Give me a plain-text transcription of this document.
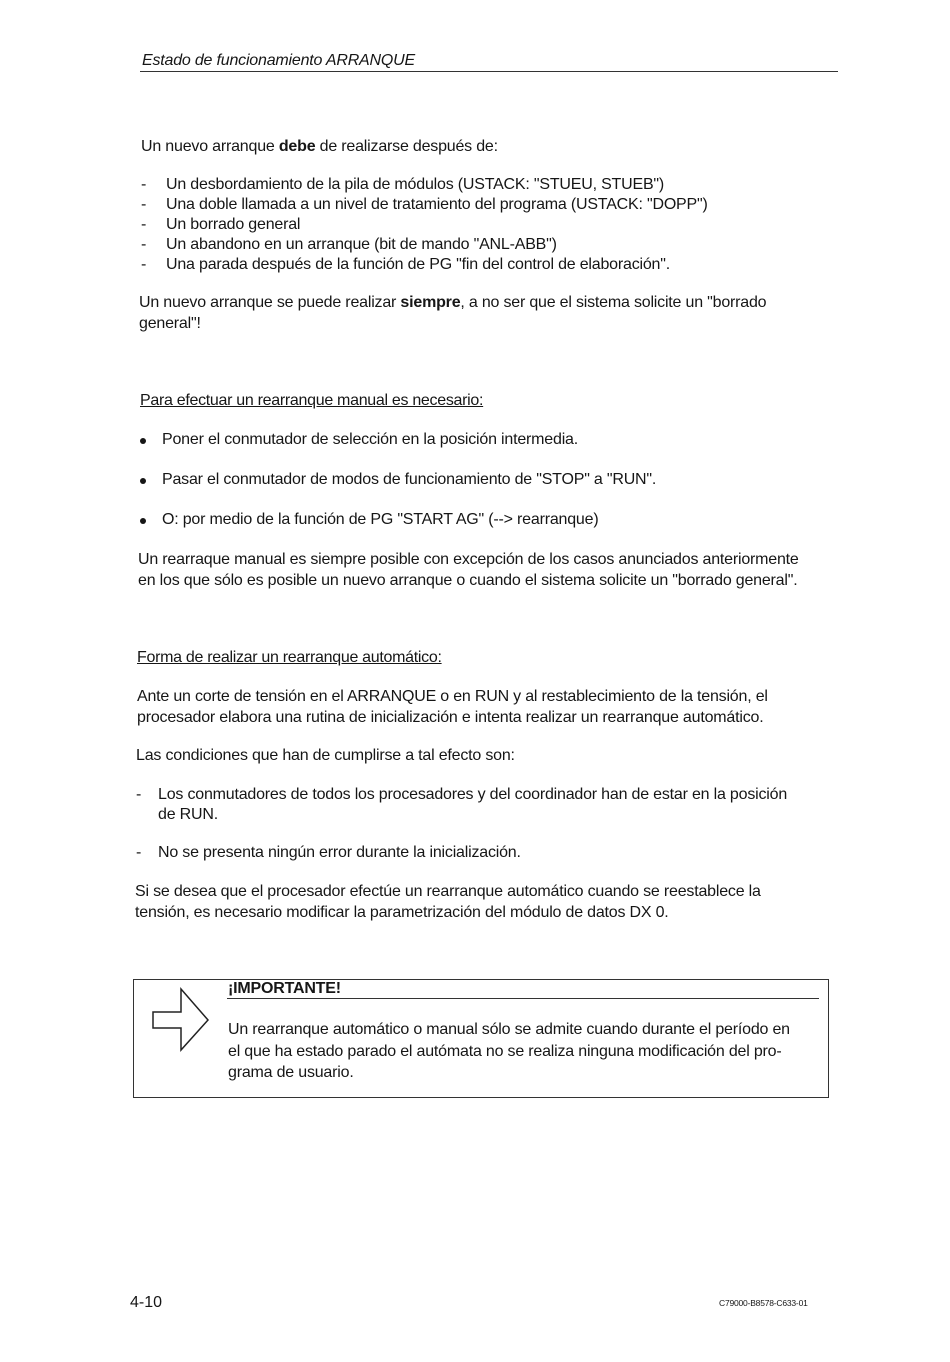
Estado de funcionamiento ARRANQUE
Un nuevo arranque debe de realizarse después de:
- Un desbordamiento de la pila de módulos (USTACK: "STUEU, STUEB")
- Una doble llamada a un nivel de tratamiento del programa (USTACK: "DOPP")
- Un borrado general
- Un abandono en un arranque (bit de mando "ANL-ABB")
- Una parada después de la función de PG "fin del control de elaboración".
Un nuevo arranque se puede realizar siempre, a no ser que el sistema solicite un "borrado
general"!
Para efectuar un rearranque manual es necesario:
Poner el conmutador de selección en la posición intermedia.
Pasar el conmutador de modos de funcionamiento de "STOP" a "RUN".
O: por medio de la función de PG "START AG" (--> rearranque)
Un rearraque manual es siempre posible con excepción de los casos anunciados anteriormente
en los que sólo es posible un nuevo arranque o cuando el sistema solicite un "borrado general".
Forma de realizar un rearranque automático:
Ante un corte de tensión en el ARRANQUE o en RUN y al restablecimiento de la tensión, el
procesador elabora una rutina de inicialización e intenta realizar un rearranque automático.
Las condiciones que han de cumplirse a tal efecto son:
- Los conmutadores de todos los procesadores y del coordinador han de estar en la posición
de RUN.
- No se presenta ningún error durante la inicialización.
Si se desea que el procesador efectúe un rearranque automático cuando se reestablece la
tensión, es necesario modificar la parametrización del módulo de datos DX 0.
¡IMPORTANTE!
Un rearranque automático o manual sólo se admite cuando durante el período en
el que ha estado parado el autómata no se realiza ninguna modificación del pro-
grama de usuario.
4-10	C79000-B8578-C633-01
